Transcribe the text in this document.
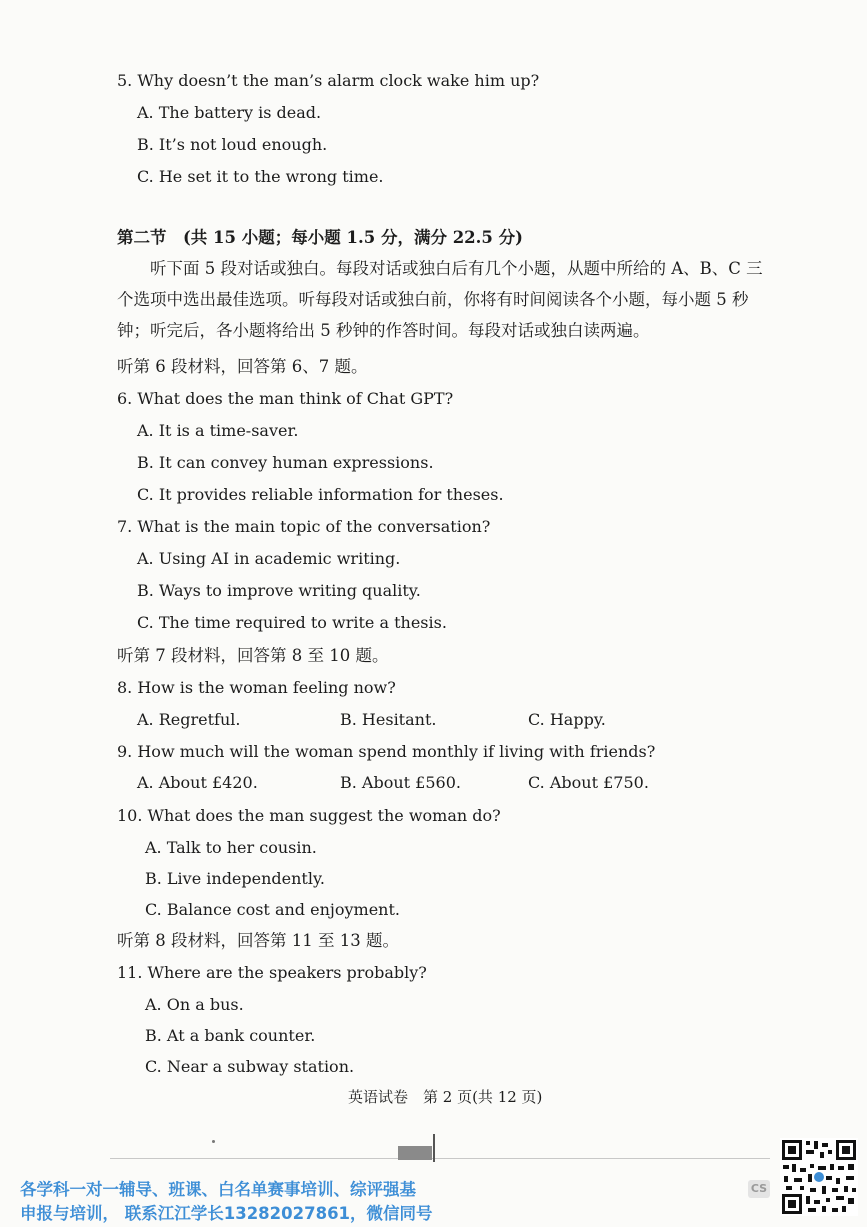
5. Why doesn’t the man’s alarm clock wake him up?
A. The battery is dead.
B. It’s not loud enough.
C. He set it to the wrong time.
第二节　(共 15 小题；每小题 1.5 分，满分 22.5 分)
　　听下面 5 段对话或独白。每段对话或独白后有几个小题，从题中所给的 A、B、C 三
个选项中选出最佳选项。听每段对话或独白前，你将有时间阅读各个小题，每小题 5 秒
钟；听完后，各小题将给出 5 秒钟的作答时间。每段对话或独白读两遍。
听第 6 段材料，回答第 6、7 题。
6. What does the man think of Chat GPT?
A. It is a time-saver.
B. It can convey human expressions.
C. It provides reliable information for theses.
7. What is the main topic of the conversation?
A. Using AI in academic writing.
B. Ways to improve writing quality.
C. The time required to write a thesis.
听第 7 段材料，回答第 8 至 10 题。
8. How is the woman feeling now?
A. Regretful.	B. Hesitant.	C. Happy.
9. How much will the woman spend monthly if living with friends?
A. About £420.	B. About £560.	C. About £750.
10. What does the man suggest the woman do?
A. Talk to her cousin.
B. Live independently.
C. Balance cost and enjoyment.
听第 8 段材料，回答第 11 至 13 题。
11. Where are the speakers probably?
A. On a bus.
B. At a bank counter.
C. Near a subway station.
英语试卷　第 2 页(共 12 页)
各学科一对一辅导、班课、白名单赛事培训、综评强基
申报与培训， 联系江江学长13282027861，微信同号
CS
